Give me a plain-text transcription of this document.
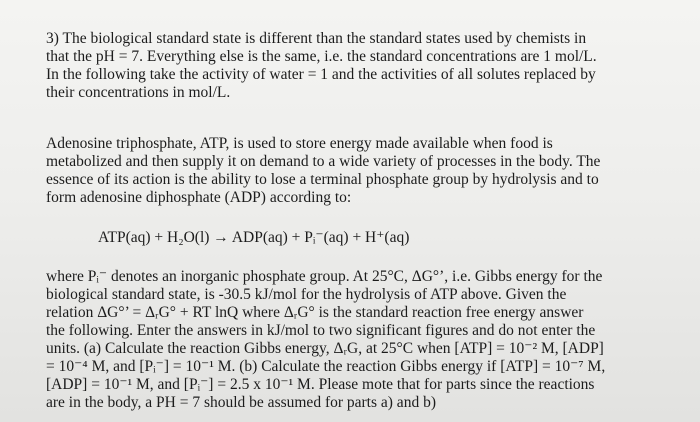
3) The biological standard state is different than the standard states used by chemists in
that the pH = 7. Everything else is the same, i.e. the standard concentrations are 1 mol/L.
In the following take the activity of water = 1 and the activities of all solutes replaced by
their concentrations in mol/L.
Adenosine triphosphate, ATP, is used to store energy made available when food is
metabolized and then supply it on demand to a wide variety of processes in the body. The
essence of its action is the ability to lose a terminal phosphate group by hydrolysis and to
form adenosine diphosphate (ADP) according to:
ATP(aq) + H₂O(l) → ADP(aq) + Pᵢ⁻(aq) + H⁺(aq)
where Pᵢ⁻ denotes an inorganic phosphate group. At 25°C, ΔG°’, i.e. Gibbs energy for the
biological standard state, is -30.5 kJ/mol for the hydrolysis of ATP above. Given the
relation ΔG°’ = ΔᵣG° + RT lnQ where ΔᵣG° is the standard reaction free energy answer
the following. Enter the answers in kJ/mol to two significant figures and do not enter the
units. (a) Calculate the reaction Gibbs energy, ΔᵣG, at 25°C when [ATP] = 10⁻² M, [ADP]
= 10⁻⁴ M, and [Pᵢ⁻] = 10⁻¹ M. (b) Calculate the reaction Gibbs energy if [ATP] = 10⁻⁷ M,
[ADP] = 10⁻¹ M, and [Pᵢ⁻] = 2.5 x 10⁻¹ M. Please mote that for parts since the reactions
are in the body, a PH = 7 should be assumed for parts a) and b)
